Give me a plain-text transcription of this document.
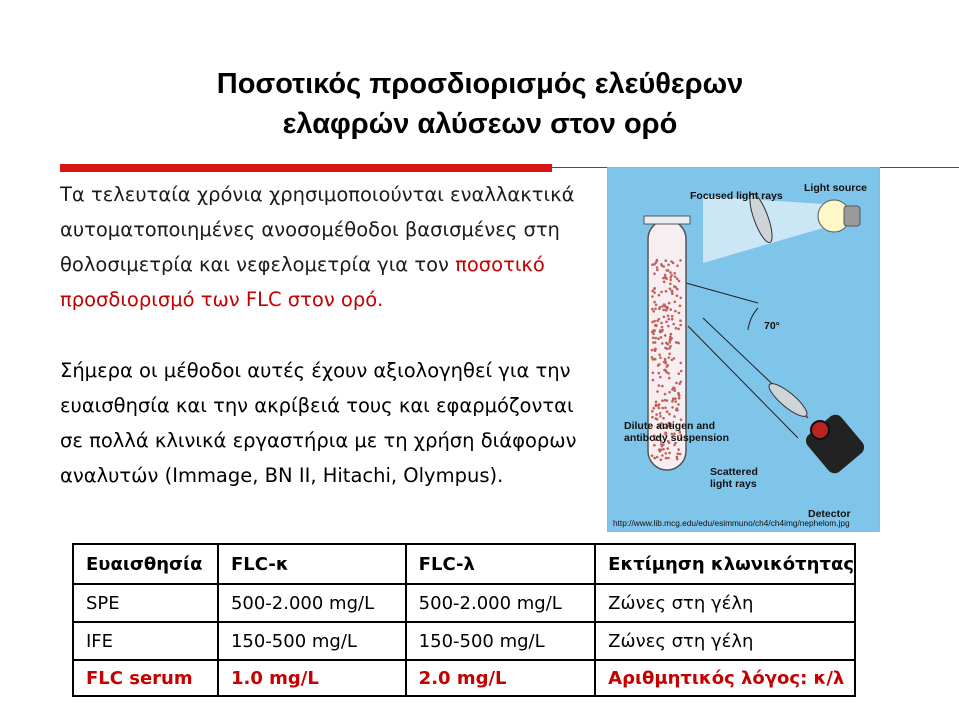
Ποσοτικός προσδιορισμός ελεύθερων
ελαφρών αλύσεων στον ορό

Τα τελευταία χρόνια χρησιμοποιούνται εναλλακτικά αυτοματοποιημένες ανοσομέθοδοι βασισμένες στη θολοσιμετρία και νεφελομετρία για τον ποσοτικό προσδιορισμό των FLC στον ορό.

Σήμερα οι μέθοδοι αυτές έχουν αξιολογηθεί για την ευαισθησία και την ακρίβειά τους και εφαρμόζονται σε πολλά κλινικά εργαστήρια με τη χρήση διάφορων αναλυτών (Immage, BN II, Hitachi, Olympus).

Focused light rays

Light source

70°

Dilute antigen and antibody suspension

Scattered light rays

Detector

http://www.lib.mcg.edu/edu/esimmuno/ch4/ch4img/nephelom.jpg

Ευαισθησία	FLC-κ	FLC-λ	Εκτίμηση κλωνικότητας
SPE	500-2.000 mg/L	500-2.000 mg/L	Ζώνες στη γέλη
IFE	150-500 mg/L	150-500 mg/L	Ζώνες στη γέλη
FLC serum	1.0 mg/L	2.0 mg/L	Αριθμητικός λόγος: κ/λ
